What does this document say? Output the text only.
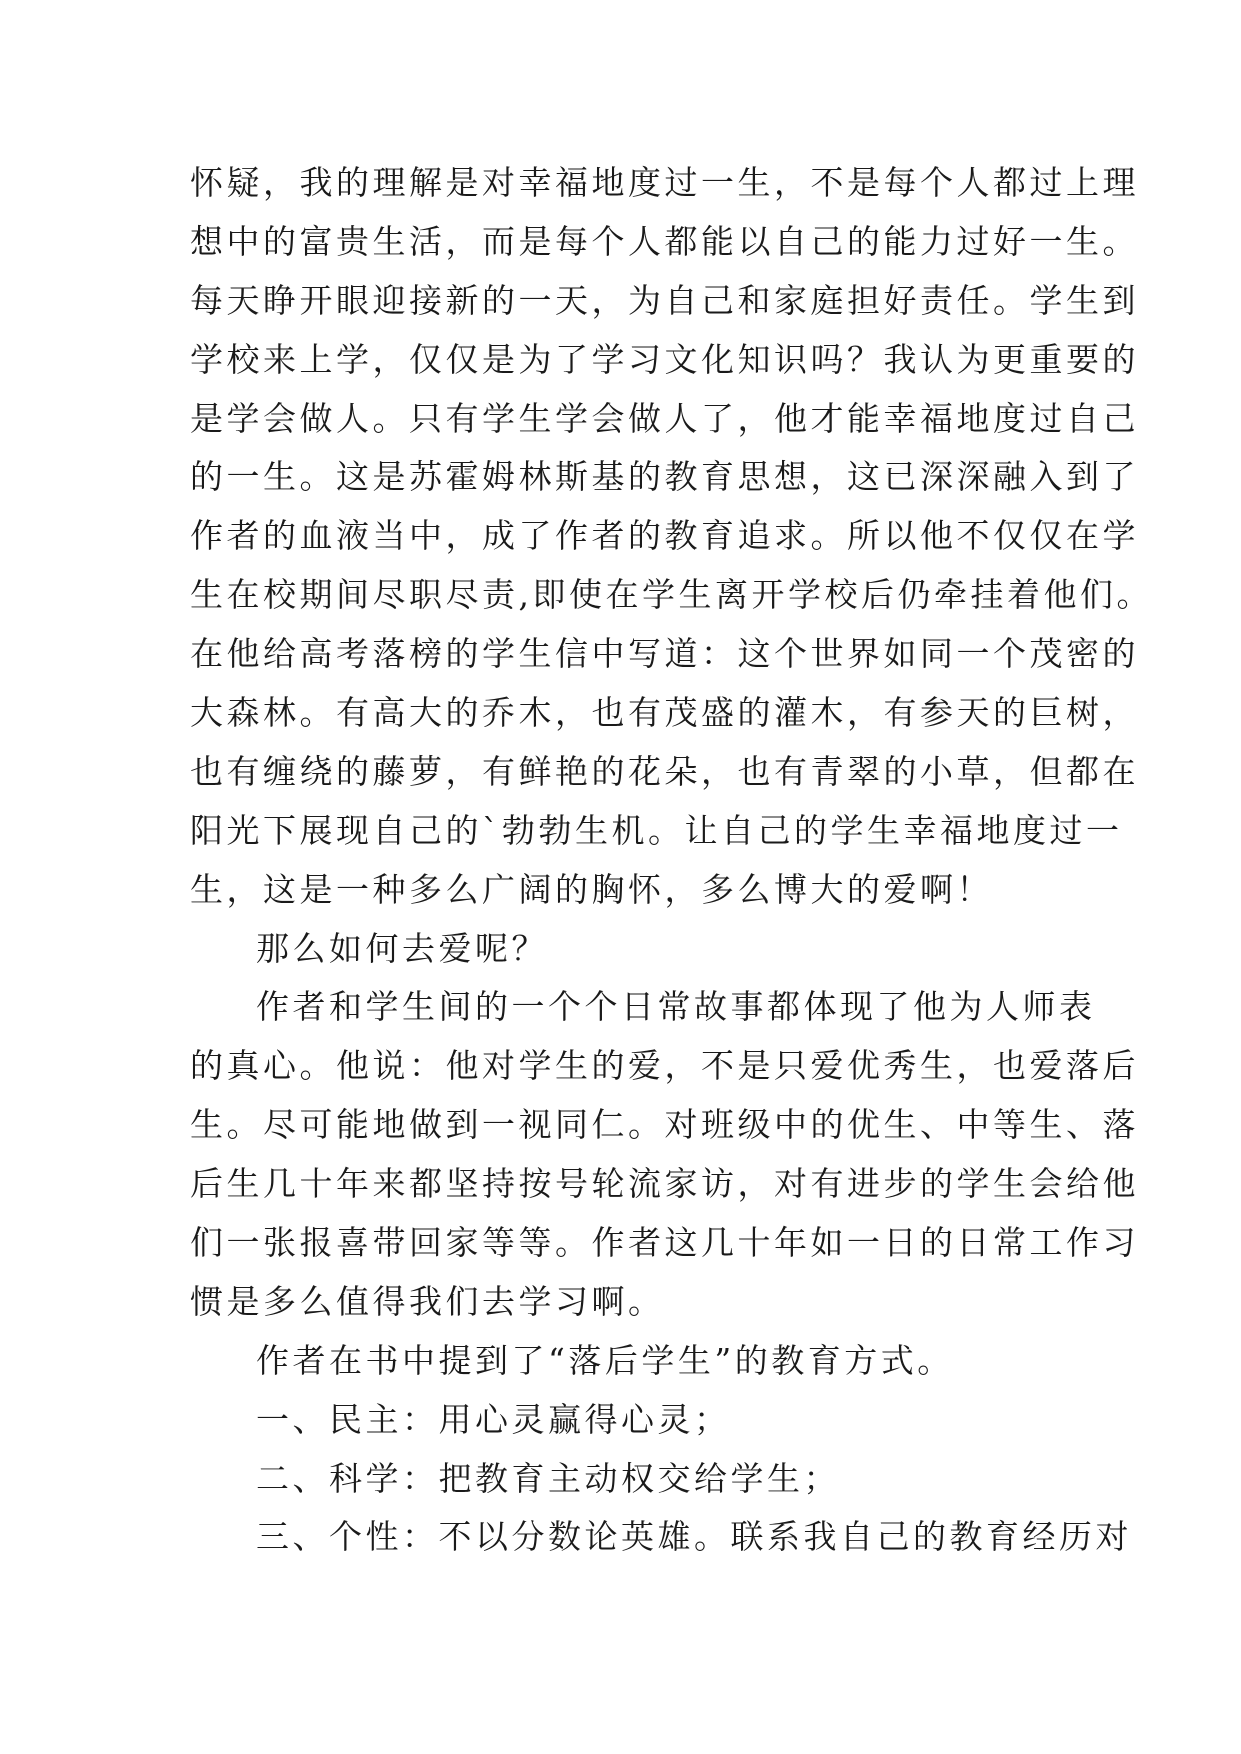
怀疑，我的理解是对幸福地度过一生，不是每个人都过上理
想中的富贵生活，而是每个人都能以自己的能力过好一生。
每天睁开眼迎接新的一天，为自己和家庭担好责任。学生到
学校来上学，仅仅是为了学习文化知识吗？我认为更重要的
是学会做人。只有学生学会做人了，他才能幸福地度过自己
的一生。这是苏霍姆林斯基的教育思想，这已深深融入到了
作者的血液当中，成了作者的教育追求。所以他不仅仅在学
生在校期间尽职尽责,即使在学生离开学校后仍牵挂着他们。
在他给高考落榜的学生信中写道：这个世界如同一个茂密的
大森林。有高大的乔木，也有茂盛的灌木，有参天的巨树，
也有缠绕的藤萝，有鲜艳的花朵，也有青翠的小草，但都在
阳光下展现自己的`勃勃生机。让自己的学生幸福地度过一
生，这是一种多么广阔的胸怀，多么博大的爱啊！
那么如何去爱呢？
作者和学生间的一个个日常故事都体现了他为人师表
的真心。他说：他对学生的爱，不是只爱优秀生，也爱落后
生。尽可能地做到一视同仁。对班级中的优生、中等生、落
后生几十年来都坚持按号轮流家访，对有进步的学生会给他
们一张报喜带回家等等。作者这几十年如一日的日常工作习
惯是多么值得我们去学习啊。
作者在书中提到了“落后学生”的教育方式。
一、民主：用心灵赢得心灵；
二、科学：把教育主动权交给学生；
三、个性：不以分数论英雄。联系我自己的教育经历对
